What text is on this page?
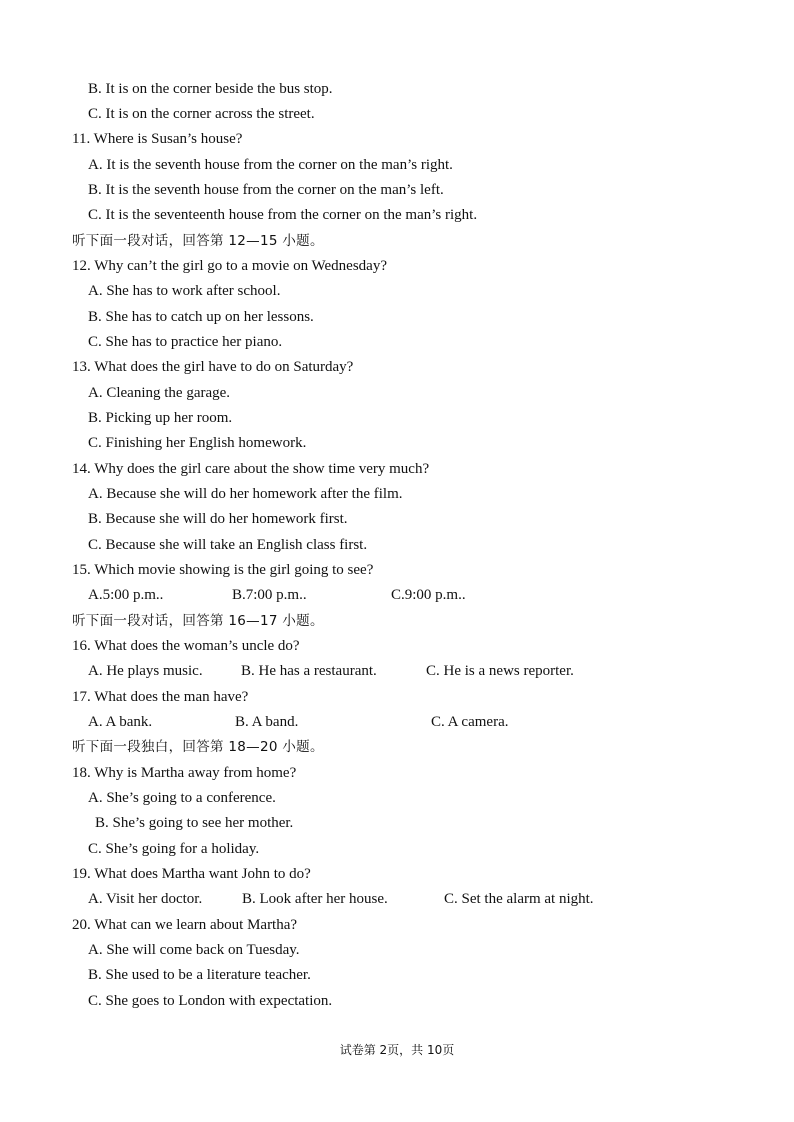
B. It is on the corner beside the bus stop.
C. It is on the corner across the street.
11. Where is Susan’s house?
A. It is the seventh house from the corner on the man’s right.
B. It is the seventh house from the corner on the man’s left.
C. It is the seventeenth house from the corner on the man’s right.
听下面一段对话，回答第 12—15 小题。
12. Why can’t the girl go to a movie on Wednesday?
A. She has to work after school.
B. She has to catch up on her lessons.
C. She has to practice her piano.
13. What does the girl have to do on Saturday?
A. Cleaning the garage.
B. Picking up her room.
C. Finishing her English homework.
14. Why does the girl care about the show time very much?
A. Because she will do her homework after the film.
B. Because she will do her homework first.
C. Because she will take an English class first.
15. Which movie showing is the girl going to see?
A.5:00 p.m..	B.7:00 p.m..	C.9:00 p.m..
听下面一段对话，回答第 16—17 小题。
16. What does the woman’s uncle do?
A. He plays music.	B. He has a restaurant.	C. He is a news reporter.
17. What does the man have?
A. A bank.	B. A band.	C. A camera.
听下面一段独白，回答第 18—20 小题。
18. Why is Martha away from home?
A. She’s going to a conference.
B. She’s going to see her mother.
C. She’s going for a holiday.
19. What does Martha want John to do?
A. Visit her doctor.	B. Look after her house.	C. Set the alarm at night.
20. What can we learn about Martha?
A. She will come back on Tuesday.
B. She used to be a literature teacher.
C. She goes to London with expectation.
试卷第 2页，共 10页
